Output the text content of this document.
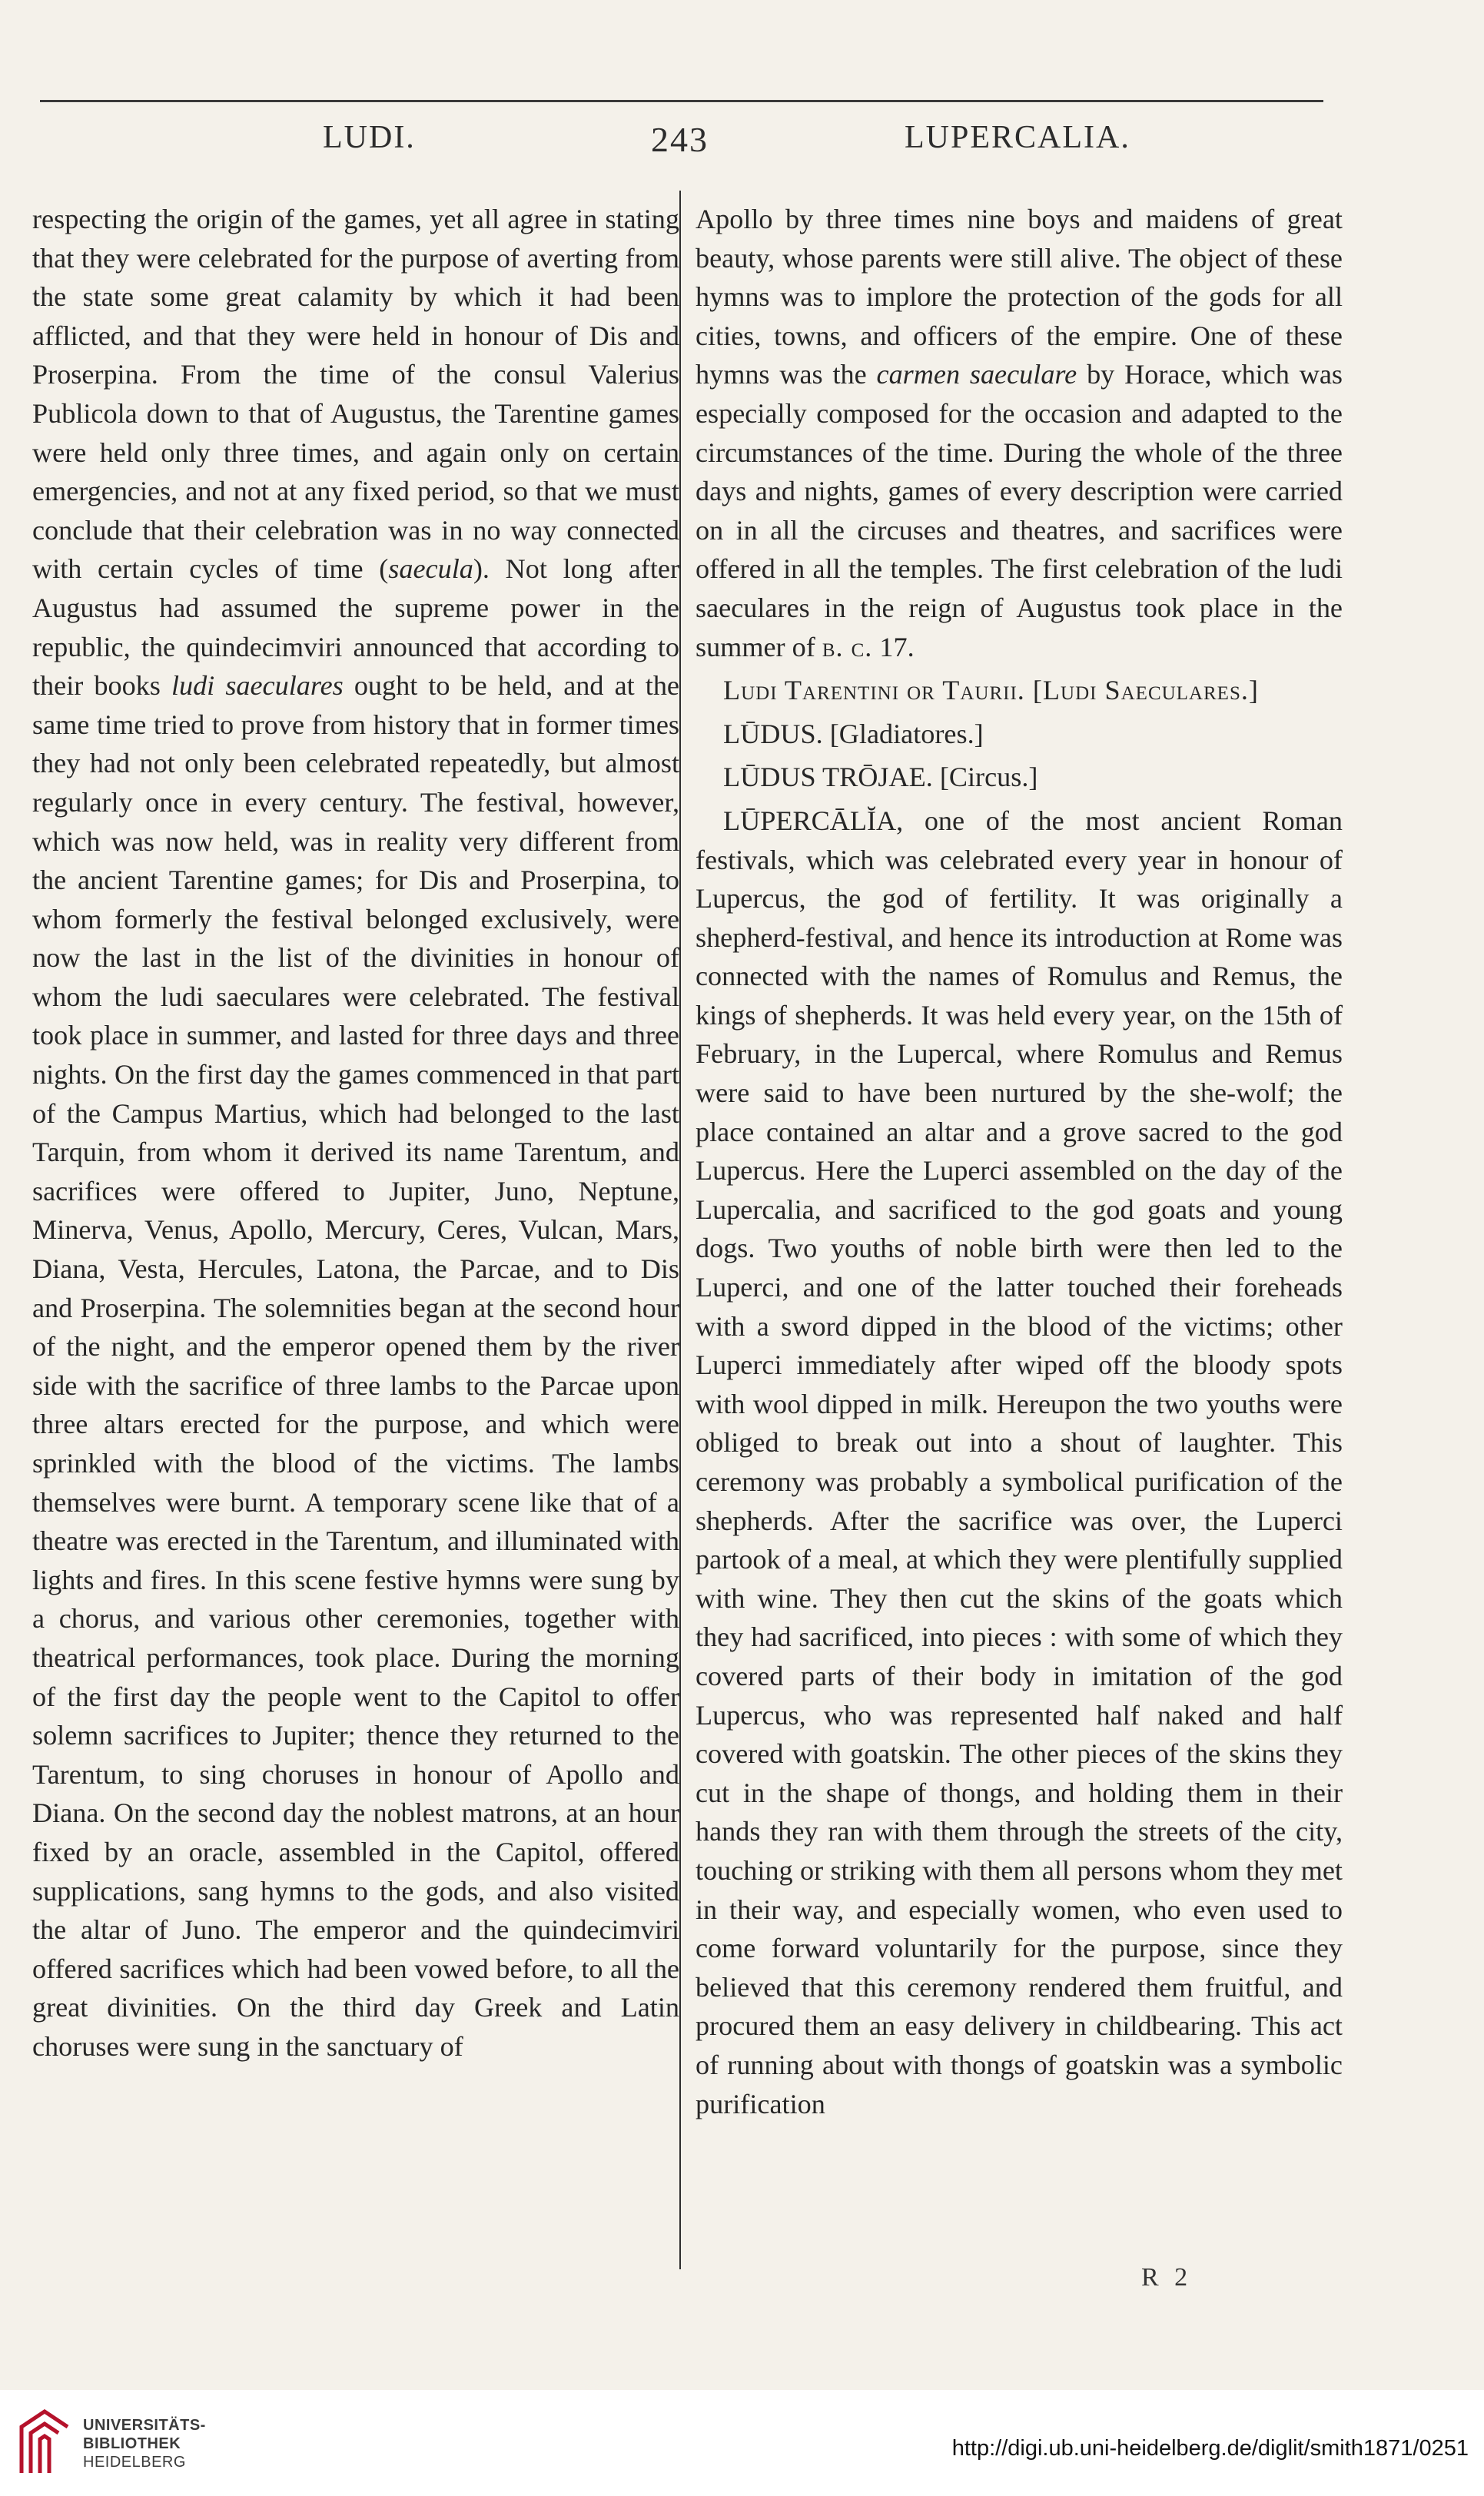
LUDI.	243	LUPERCALIA.

respecting the origin of the games, yet all agree in stating that they were celebrated for the purpose of averting from the state some great calamity by which it had been afflicted, and that they were held in honour of Dis and Proserpina. From the time of the consul Valerius Publicola down to that of Augustus, the Tarentine games were held only three times, and again only on certain emergencies, and not at any fixed period, so that we must conclude that their celebration was in no way connected with certain cycles of time (saecula). Not long after Augustus had assumed the supreme power in the republic, the quindecimviri announced that according to their books ludi saeculares ought to be held, and at the same time tried to prove from history that in former times they had not only been celebrated repeatedly, but almost regularly once in every century. The festival, however, which was now held, was in reality very different from the ancient Tarentine games; for Dis and Proserpina, to whom formerly the festival belonged exclusively, were now the last in the list of the divinities in honour of whom the ludi saeculares were celebrated. The festival took place in summer, and lasted for three days and three nights. On the first day the games commenced in that part of the Campus Martius, which had belonged to the last Tarquin, from whom it derived its name Tarentum, and sacrifices were offered to Jupiter, Juno, Neptune, Minerva, Venus, Apollo, Mercury, Ceres, Vulcan, Mars, Diana, Vesta, Hercules, Latona, the Parcae, and to Dis and Proserpina. The solemnities began at the second hour of the night, and the emperor opened them by the river side with the sacrifice of three lambs to the Parcae upon three altars erected for the purpose, and which were sprinkled with the blood of the victims. The lambs themselves were burnt. A temporary scene like that of a theatre was erected in the Tarentum, and illuminated with lights and fires. In this scene festive hymns were sung by a chorus, and various other ceremonies, together with theatrical performances, took place. During the morning of the first day the people went to the Capitol to offer solemn sacrifices to Jupiter; thence they returned to the Tarentum, to sing choruses in honour of Apollo and Diana. On the second day the noblest matrons, at an hour fixed by an oracle, assembled in the Capitol, offered supplications, sang hymns to the gods, and also visited the altar of Juno. The emperor and the quindecimviri offered sacrifices which had been vowed before, to all the great divinities. On the third day Greek and Latin choruses were sung in the sanctuary of

Apollo by three times nine boys and maidens of great beauty, whose parents were still alive. The object of these hymns was to implore the protection of the gods for all cities, towns, and officers of the empire. One of these hymns was the carmen saeculare by Horace, which was especially composed for the occasion and adapted to the circumstances of the time. During the whole of the three days and nights, games of every description were carried on in all the circuses and theatres, and sacrifices were offered in all the temples. The first celebration of the ludi saeculares in the reign of Augustus took place in the summer of b. c. 17.

Ludi Tarentini or Taurii. [Ludi Saeculares.]

LŪDUS. [Gladiatores.]

LŪDUS TRŌJAE. [Circus.]

LŪPERCĀLĬA, one of the most ancient Roman festivals, which was celebrated every year in honour of Lupercus, the god of fertility. It was originally a shepherd-festival, and hence its introduction at Rome was connected with the names of Romulus and Remus, the kings of shepherds. It was held every year, on the 15th of February, in the Lupercal, where Romulus and Remus were said to have been nurtured by the she-wolf; the place contained an altar and a grove sacred to the god Lupercus. Here the Luperci assembled on the day of the Lupercalia, and sacrificed to the god goats and young dogs. Two youths of noble birth were then led to the Luperci, and one of the latter touched their foreheads with a sword dipped in the blood of the victims; other Luperci immediately after wiped off the bloody spots with wool dipped in milk. Hereupon the two youths were obliged to break out into a shout of laughter. This ceremony was probably a symbolical purification of the shepherds. After the sacrifice was over, the Luperci partook of a meal, at which they were plentifully supplied with wine. They then cut the skins of the goats which they had sacrificed, into pieces : with some of which they covered parts of their body in imitation of the god Lupercus, who was represented half naked and half covered with goatskin. The other pieces of the skins they cut in the shape of thongs, and holding them in their hands they ran with them through the streets of the city, touching or striking with them all persons whom they met in their way, and especially women, who even used to come forward voluntarily for the purpose, since they believed that this ceremony rendered them fruitful, and procured them an easy delivery in childbearing. This act of running about with thongs of goatskin was a symbolic purification

R 2
UNIVERSITÄTS-
BIBLIOTHEK
HEIDELBERG
http://digi.ub.uni-heidelberg.de/diglit/smith1871/0251
